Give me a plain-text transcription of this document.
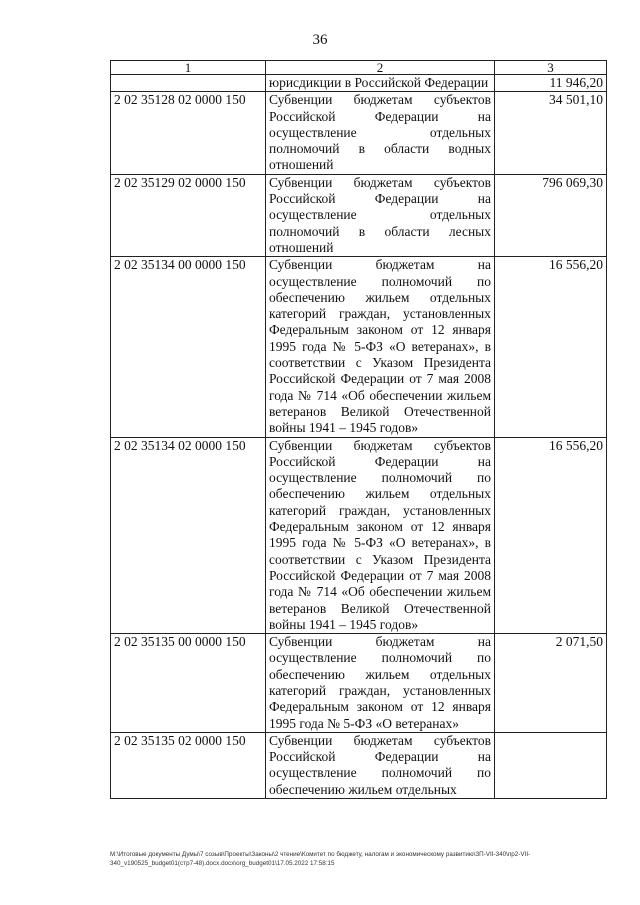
36
1	2	3
	юрисдикции в Российской Федерации	11 946,20
2 02 35128 02 0000 150	Субвенции бюджетам субъектов Российской Федерации на осуществление отдельных полномочий в области водных отношений	34 501,10
2 02 35129 02 0000 150	Субвенции бюджетам субъектов Российской Федерации на осуществление отдельных полномочий в области лесных отношений	796 069,30
2 02 35134 00 0000 150	Субвенции бюджетам на осуществление полномочий по обеспечению жильем отдельных категорий граждан, установленных Федеральным законом от 12 января 1995 года № 5-ФЗ «О ветеранах», в соответствии с Указом Президента Российской Федерации от 7 мая 2008 года № 714 «Об обеспечении жильем ветеранов Великой Отечественной войны 1941 – 1945 годов»	16 556,20
2 02 35134 02 0000 150	Субвенции бюджетам субъектов Российской Федерации на осуществление полномочий по обеспечению жильем отдельных категорий граждан, установленных Федеральным законом от 12 января 1995 года № 5-ФЗ «О ветеранах», в соответствии с Указом Президента Российской Федерации от 7 мая 2008 года № 714 «Об обеспечении жильем ветеранов Великой Отечественной войны 1941 – 1945 годов»	16 556,20
2 02 35135 00 0000 150	Субвенции бюджетам на осуществление полномочий по обеспечению жильем отдельных категорий граждан, установленных Федеральным законом от 12 января 1995 года № 5-ФЗ «О ветеранах»	2 071,50
2 02 35135 02 0000 150	Субвенции бюджетам субъектов Российской Федерации на осуществление полномочий по обеспечению жильем отдельных	
М:\Итоговые документы Думы\7 созыв\Проекты\Законы\2 чтение\Комитет по бюджету, налогам и экономическому развитию\ЗП-VII-340\пр2-VII-340_v190525_budget01(стр7-48).docx.docx\org_budget01\17.05.2022 17:58:15
